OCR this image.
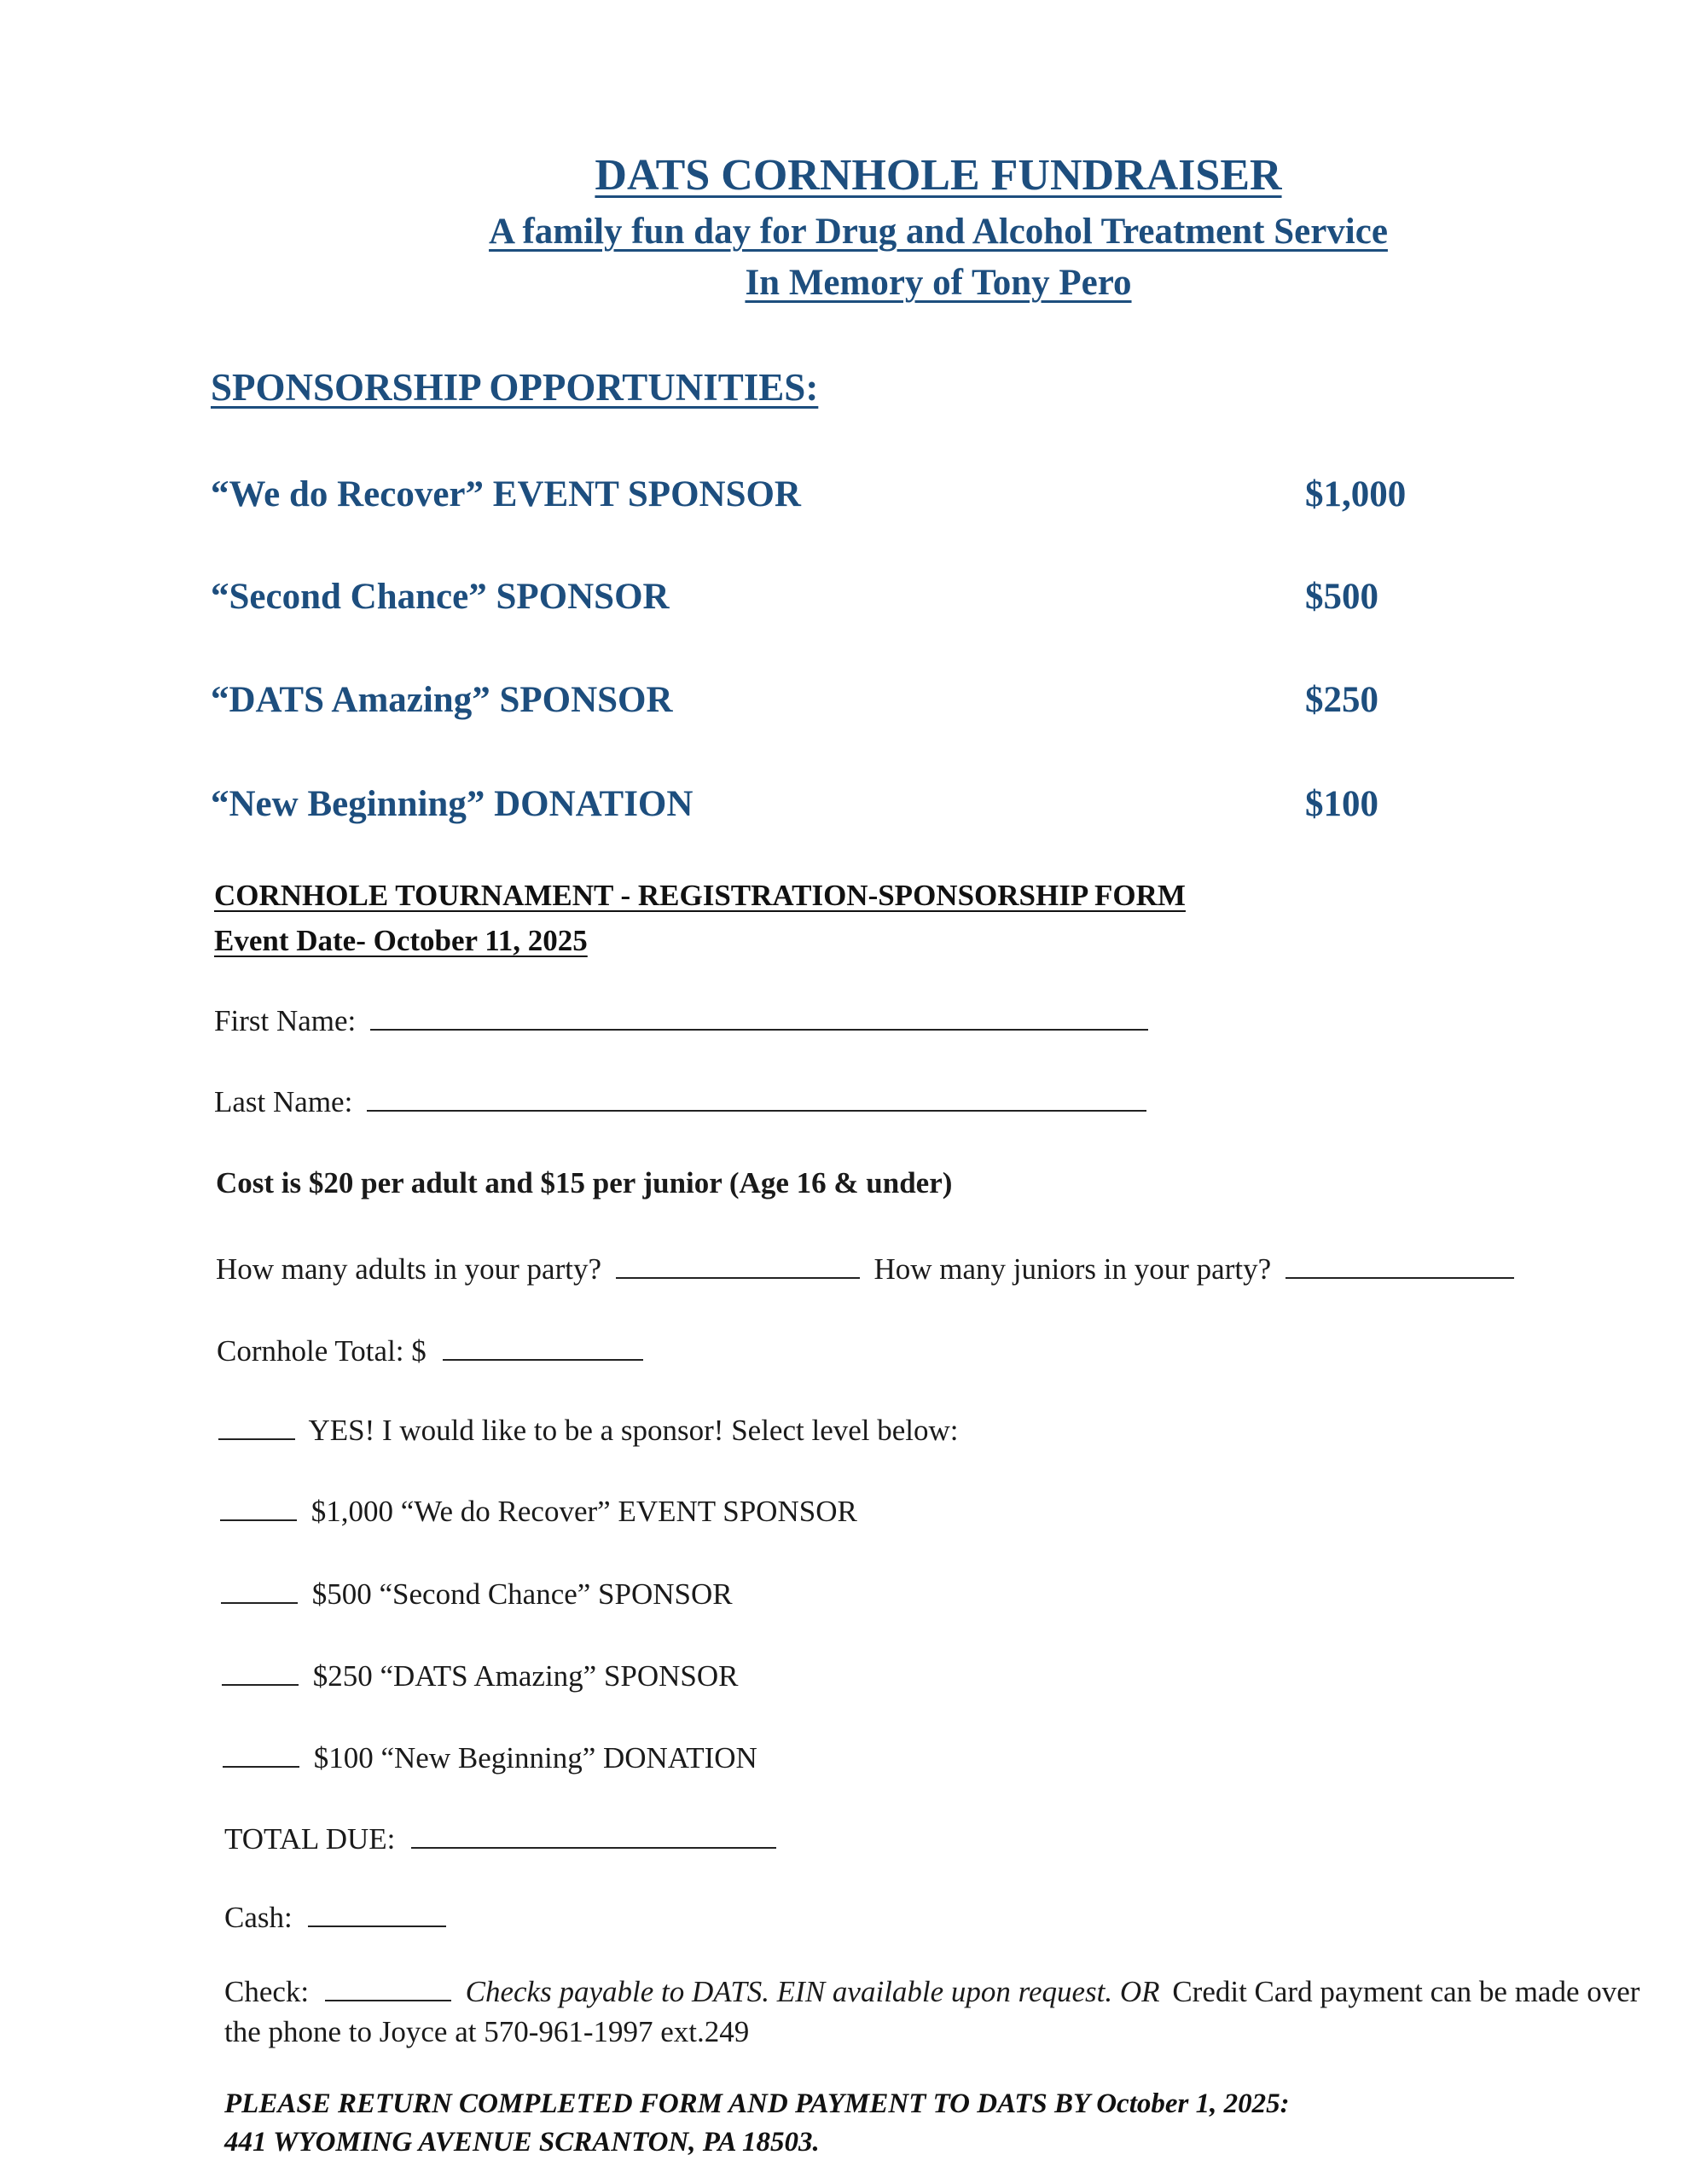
DATS CORNHOLE FUNDRAISER
A family fun day for Drug and Alcohol Treatment Service
In Memory of Tony Pero
SPONSORSHIP OPPORTUNITIES:
“We do Recover” EVENT SPONSOR	$1,000
“Second Chance” SPONSOR	$500
“DATS Amazing” SPONSOR	$250
“New Beginning” DONATION	$100
CORNHOLE TOURNAMENT - REGISTRATION-SPONSORSHIP FORM
Event Date- October 11, 2025
First Name:
Last Name:
Cost is $20 per adult and $15 per junior (Age 16 & under)
How many adults in your party?	How many juniors in your party?
Cornhole Total: $
YES! I would like to be a sponsor! Select level below:
$1,000 “We do Recover” EVENT SPONSOR
$500 “Second Chance” SPONSOR
$250 “DATS Amazing” SPONSOR
$100 “New Beginning” DONATION
TOTAL DUE:
Cash:
Check:	Checks payable to DATS. EIN available upon request. OR Credit Card payment can be made over
the phone to Joyce at 570-961-1997 ext.249
PLEASE RETURN COMPLETED FORM AND PAYMENT TO DATS BY October 1, 2025:
441 WYOMING AVENUE SCRANTON, PA 18503.
